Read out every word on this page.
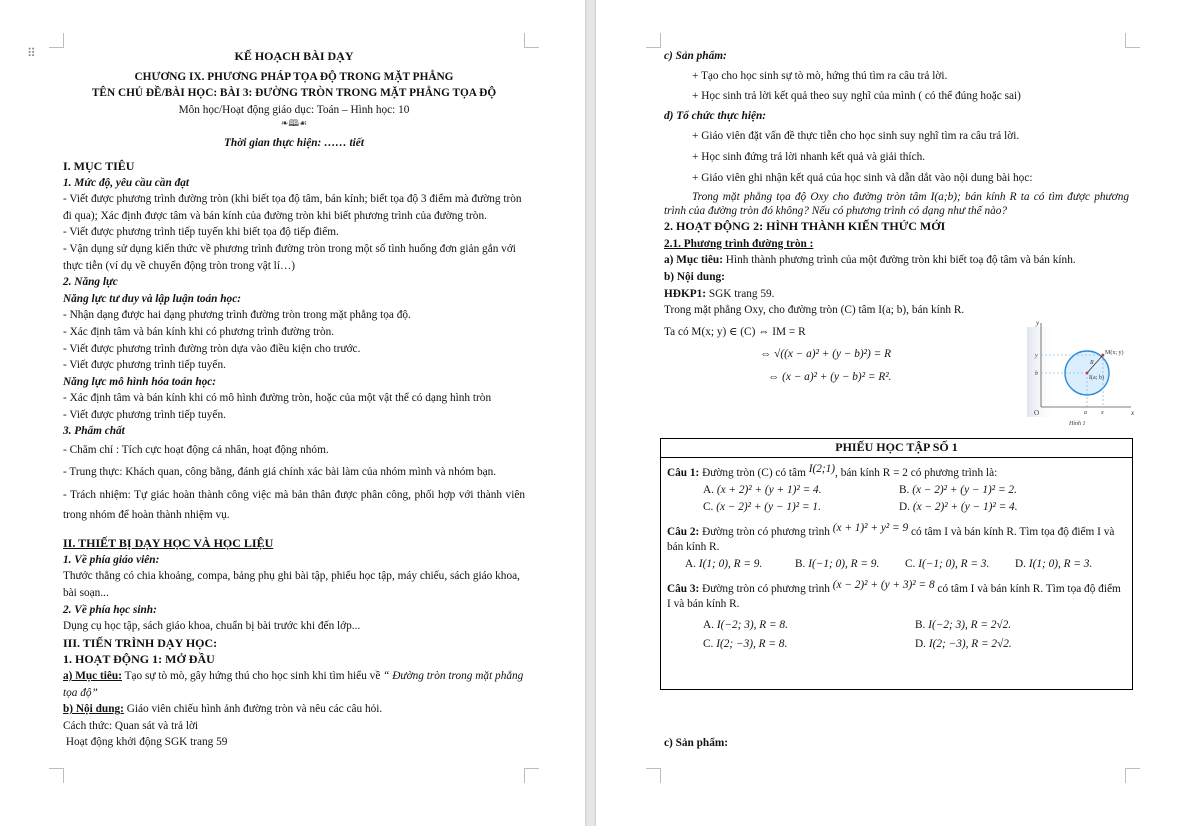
⠿	KẾ HOẠCH BÀI DẠY
CHƯƠNG IX. PHƯƠNG PHÁP TỌA ĐỘ TRONG MẶT PHẲNG
TÊN CHỦ ĐỀ/BÀI HỌC: BÀI 3: ĐƯỜNG TRÒN TRONG MẶT PHẲNG TỌA ĐỘ
Môn học/Hoạt động giáo dục: Toán – Hình học: 10
❧🕮☙
Thời gian thực hiện: …… tiết
I. MỤC TIÊU
1. Mức độ, yêu cầu cần đạt
- Viết được phương trình đường tròn (khi biết tọa độ tâm, bán kính; biết tọa độ 3 điểm mà đường tròn đi qua); Xác định được tâm và bán kính của đường tròn khi biết phương trình của đường tròn.
- Viết được phương trình tiếp tuyến khi biết tọa độ tiếp điểm.
- Vận dụng sử dụng kiến thức về phương trình đường tròn trong một số tình huống đơn giản gắn với thực tiễn (ví dụ về chuyển động tròn trong vật lí…)
2. Năng lực
Năng lực tư duy và lập luận toán học:
- Nhận dạng được hai dạng phương trình đường tròn trong mặt phẳng tọa độ.
- Xác định tâm và bán kính khi có phương trình đường tròn.
- Viết được phương trình đường tròn dựa vào điều kiện cho trước.
- Viết được phương trình tiếp tuyến.
Năng lực mô hình hóa toán học:
- Xác định tâm và bán kính khi có mô hình đường tròn, hoặc của một vật thể có dạng hình tròn
- Viết được phương trình tiếp tuyến.
3. Phẩm chất
- Chăm chỉ : Tích cực hoạt động cá nhân, hoạt động nhóm.
- Trung thực: Khách quan, công bằng, đánh giá chính xác bài làm của nhóm mình và nhóm bạn.
- Trách nhiệm: Tự giác hoàn thành công việc mà bản thân được phân công, phối hợp với thành viên trong nhóm để hoàn thành nhiệm vụ.
II. THIẾT BỊ DẠY HỌC VÀ HỌC LIỆU
1. Về phía giáo viên:
Thước thẳng có chia khoảng, compa, bảng phụ ghi bài tập, phiếu học tập, máy chiếu, sách giáo khoa, bài soạn...
2. Về phía học sinh:
Dụng cụ học tập, sách giáo khoa, chuẩn bị bài trước khi đến lớp...
III. TIẾN TRÌNH DẠY HỌC:
1. HOẠT ĐỘNG 1: MỞ ĐẦU
a) Mục tiêu: Tạo sự tò mò, gây hứng thú cho học sinh khi tìm hiểu về “ Đường tròn trong mặt phẳng tọa độ”
b) Nội dung: Giáo viên chiếu hình ảnh đường tròn và nêu các câu hỏi.
Cách thức: Quan sát và trả lời
Hoạt động khởi động SGK trang 59
c) Sản phẩm:
+ Tạo cho học sinh sự tò mò, hứng thú tìm ra câu trả lời.
+ Học sinh trả lời kết quả theo suy nghĩ của mình ( có thể đúng hoặc sai)
d) Tổ chức thực hiện:
+ Giáo viên đặt vấn đề thực tiễn cho học sinh suy nghĩ tìm ra câu trả lời.
+ Học sinh đứng trả lời nhanh kết quả và giải thích.
+ Giáo viên ghi nhận kết quả của học sinh và dẫn dắt vào nội dung bài học:
Trong mặt phẳng tọa độ Oxy cho đường tròn tâm I(a;b); bán kính R ta có tìm được phương trình của đường tròn đó không? Nếu có phương trình có dạng như thế nào?
2. HOẠT ĐỘNG 2: HÌNH THÀNH KIẾN THỨC MỚI
2.1. Phương trình đường tròn :
a) Mục tiêu: Hình thành phương trình của một đường tròn khi biết toạ độ tâm và bán kính.
b) Nội dung:
HĐKP1: SGK trang 59.
Trong mặt phẳng Oxy, cho đường tròn (C) tâm I(a; b), bán kính R.
Ta có M(x; y) ∈ (C) ⇔ IM = R
⇔ √((x − a)² + (y − b)²) = R
⇔ (x − a)² + (y − b)² = R².
y
x
O
M(x; y)
I(a; b)
R
a x
b
y
Hình 1
PHIẾU HỌC TẬP SỐ 1
Câu 1: Đường tròn (C) có tâm I(2;1), bán kính R = 2 có phương trình là:
A. (x + 2)² + (y + 1)² = 4.	B. (x − 2)² + (y − 1)² = 2.
C. (x − 2)² + (y − 1)² = 1.	D. (x − 2)² + (y − 1)² = 4.
Câu 2: Đường tròn có phương trình (x + 1)² + y² = 9 có tâm I và bán kính R. Tìm tọa độ điểm I và bán kính R.
A. I(1; 0), R = 9.	B. I(−1; 0), R = 9.	C. I(−1; 0), R = 3.	D. I(1; 0), R = 3.
Câu 3: Đường tròn có phương trình (x − 2)² + (y + 3)² = 8 có tâm I và bán kính R. Tìm tọa độ điểm I và bán kính R.
A. I(−2; 3), R = 8.	B. I(−2; 3), R = 2√2.
C. I(2; −3), R = 8.	D. I(2; −3), R = 2√2.
c) Sản phẩm:
